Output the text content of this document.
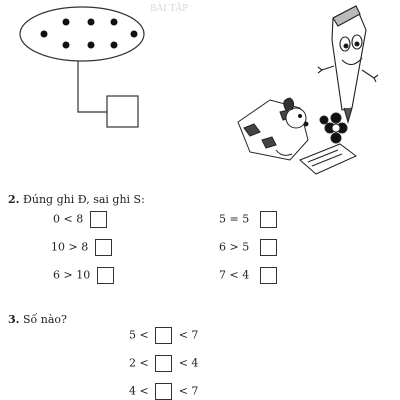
BÀI TẬP
2. Đúng ghi Đ, sai ghi S:
0 < 8	5 = 5
10 > 8	6 > 5
6 > 10	7 < 4
3. Số nào?
5 <	< 7
2 <	< 4
4 <	< 7
